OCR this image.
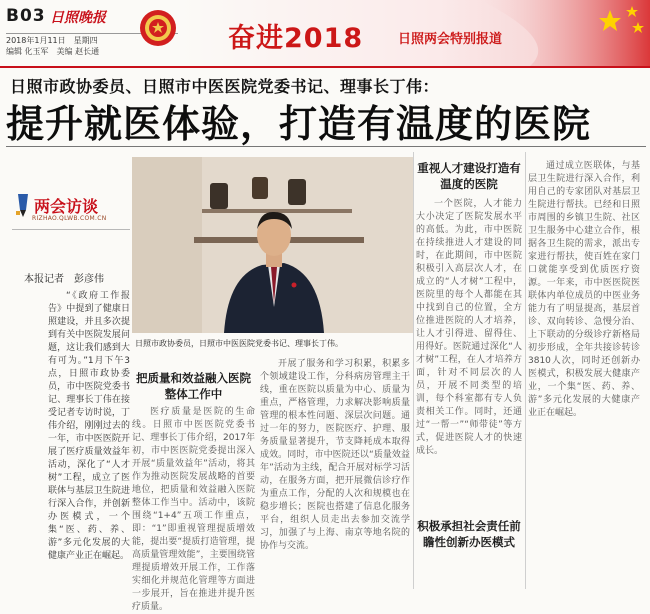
B03 日照晚报
2018年1月11日　星期四
编辑 化玉军　美编 赵长通	奋进2018	日照两会特别报道
日照市政协委员、日照市中医医院党委书记、理事长丁伟：
提升就医体验，打造有温度的医院
两会访谈
RIZHAO.QLWB.COM.CN
本报记者　彭彦伟
日照市政协委员，日照市中医医院党委书记、理事长丁伟。

“《政府工作报告》中提到了健康日照建设，并且多次提到有关中医院发展问题，这让我们感到大有可为。”1月下午3点，日照市政协委员，市中医院党委书记、理事长丁伟在接受记者专访时说，丁伟介绍，刚刚过去的一年，市中医医院开展了医疗质量效益年活动，深化了“人才树”工程，成立了医联体与基层卫生院进行深入合作，并创新办医模式，一个集“医、药、养、游”多元化发展的大健康产业正在崛起。

把质量和效益融入医院整体工作中

医疗质量是医院的生命线。日照市中医医院党委书记、理事长丁伟介绍，2017年初，市中医医院党委提出深入开展“质量效益年”活动，将其作为推动医院发展战略的首要地位，把质量和效益融入医院整体工作当中。活动中，该院围绕“1+4”五项工作重点，即：“1”即重视管理提质增效能，提出要“提质打造管理，提高质量管理效能”，主要围绕管理提质增效开展工作，工作落实细化并规范化管理等方面进一步展开，旨在推进并提升医疗质量。

开展了服务和学习积累，积累多个领域建设工作，分科病房管理主干线，重在医院以质量为中心、质量为重点，严格管理，力求解决影响质量管理的根本性问题、深层次问题。通过一年的努力，医院医疗、护理、服务质量显著提升，节支降耗成本取得成效。同时，市中医院还以“质量效益年”活动为主线，配合开展对标学习活动，在服务方面，把开展微信诊疗作为重点工作，分配的人次和规模也在稳步增长；医院也搭建了信息化服务平台，组织人员走出去参加交流学习，加强了与上海、南京等地名院的协作与交流。

重视人才建设打造有温度的医院

一个医院，人才能力大小决定了医院发展水平的高低。为此，市中医院在持续推进人才建设的同时，在此期间，市中医院积极引入高层次人才，在成立的“人才树”工程中，医院里的每个人都能在其中找到自己的位置，全方位推进医院的人才培养，让人才引得进、留得住、用得好。医院通过深化“人才树”工程，在人才培养方面，针对不同层次的人员，开展不同类型的培训，每个科室都有专人负责相关工作。同时，还通过“一帮一”“师带徒”等方式，促进医院人才的快速成长。

积极承担社会责任前瞻性创新办医模式

通过成立医联体，与基层卫生院进行深入合作，利用自己的专家团队对基层卫生院进行帮扶。已经和日照市周围的乡镇卫生院、社区卫生服务中心建立合作，根据各卫生院的需求，派出专家进行帮扶，使百姓在家门口就能享受到优质医疗资源。一年来，市中医医院医联体内单位成员的中医业务能力有了明显提高，基层首诊、双向转诊、急慢分治、上下联动的分级诊疗新格局初步形成，全年共接诊转诊3810人次，同时还创新办医模式，积极发展大健康产业，一个集“医、药、养、游”多元化发展的大健康产业正在崛起。
